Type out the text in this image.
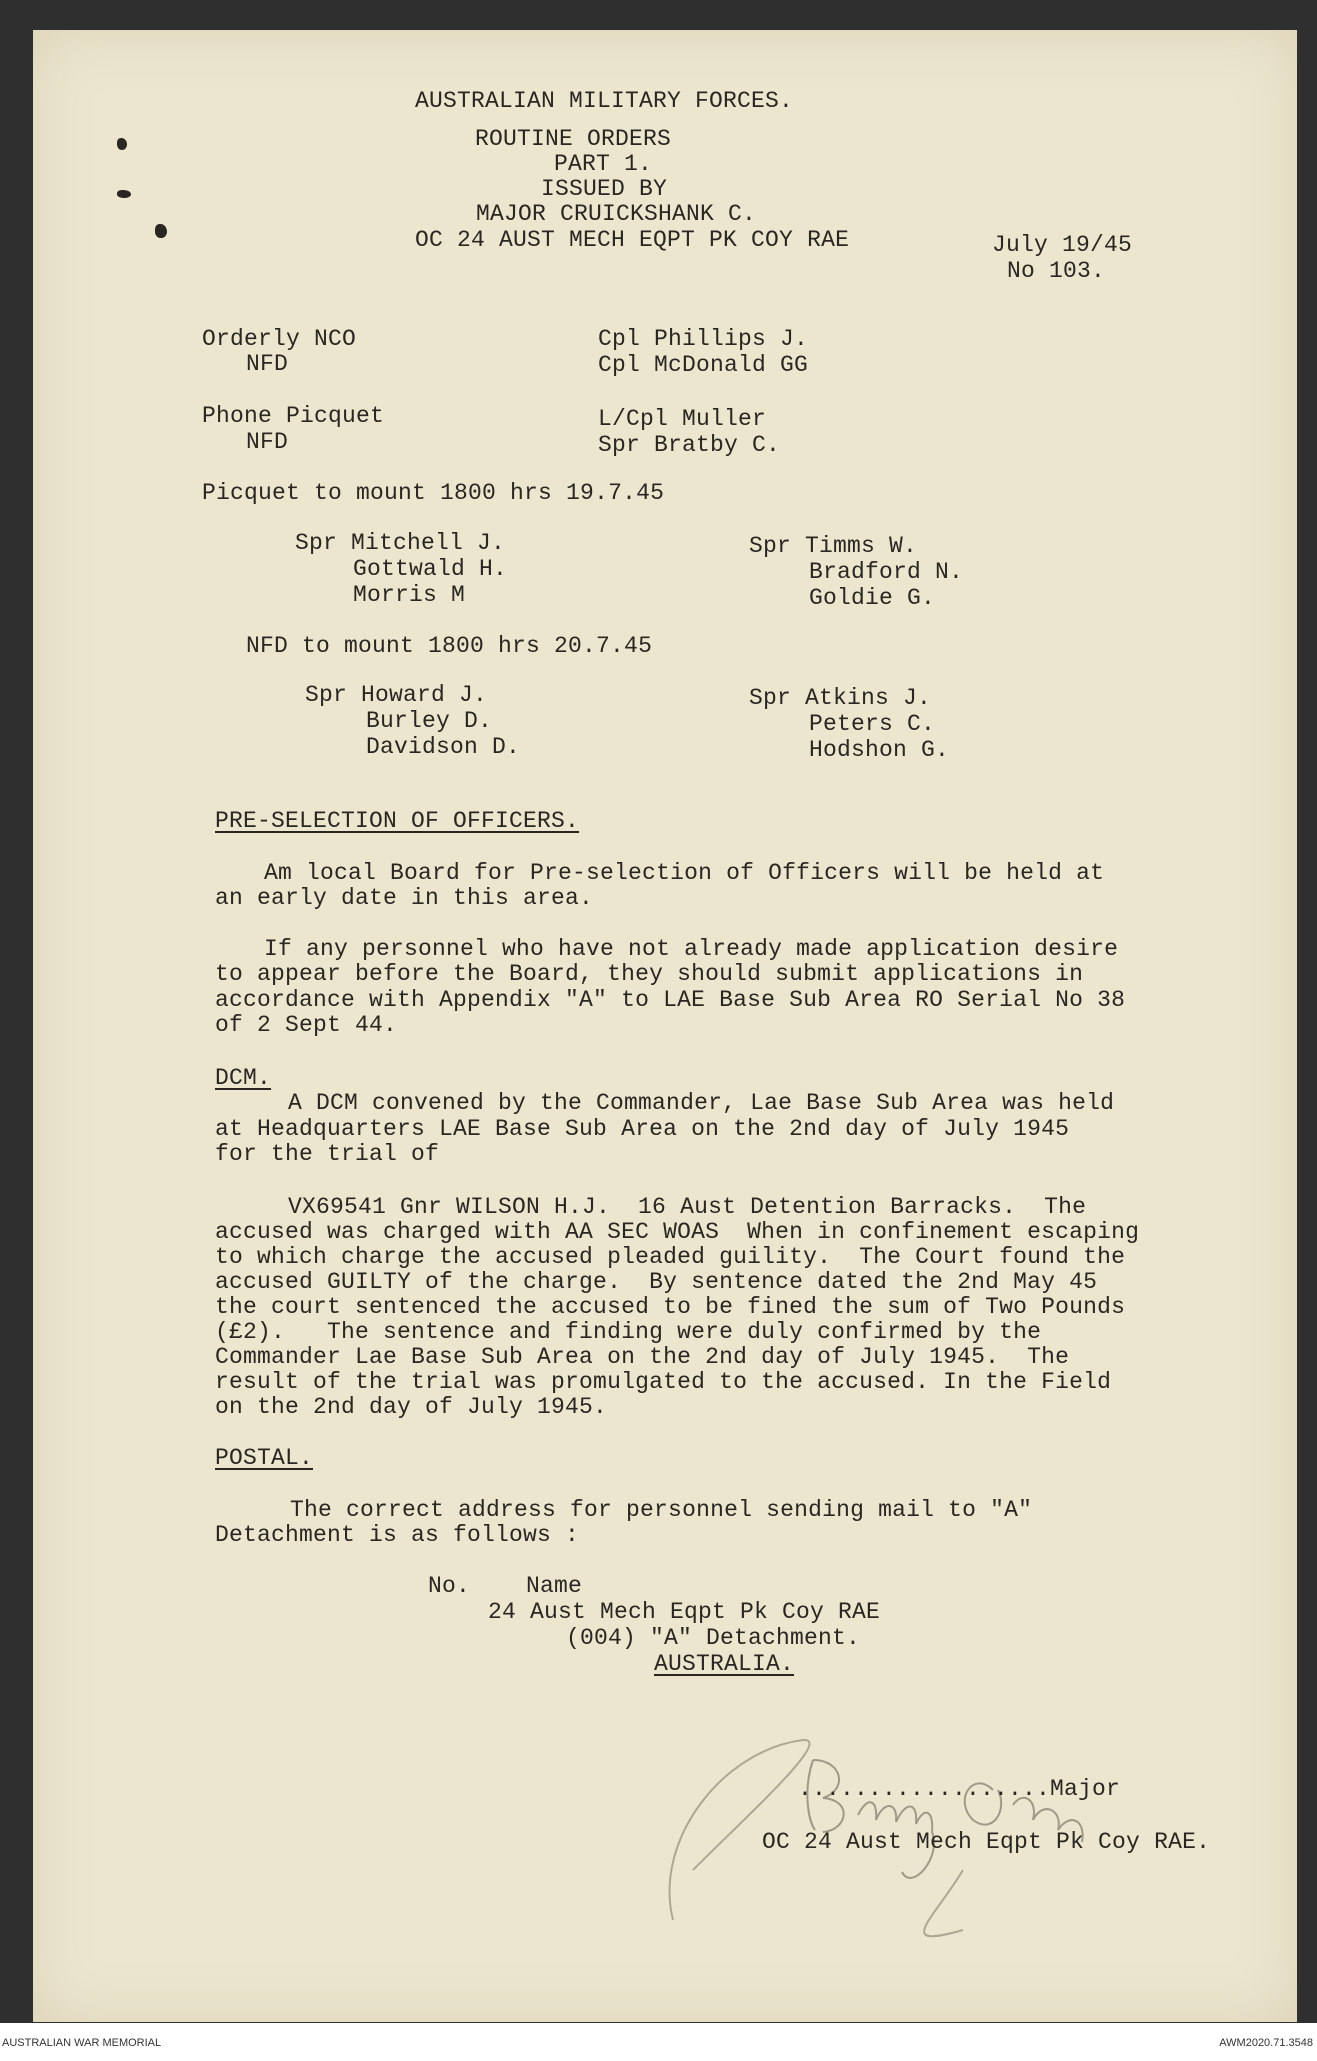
AUSTRALIAN MILITARY FORCES.
ROUTINE ORDERS
PART 1.
ISSUED BY
MAJOR CRUICKSHANK C.
OC 24 AUST MECH EQPT PK COY RAE	July 19/45
No 103.
Orderly NCO
NFD
Cpl Phillips J.
Cpl McDonald GG
Phone Picquet
NFD
L/Cpl Muller
Spr Bratby C.
Picquet to mount 1800 hrs 19.7.45
Spr Mitchell J.
Gottwald H.
Morris M
Spr Timms W.
Bradford N.
Goldie G.
NFD to mount 1800 hrs 20.7.45
Spr Howard J.
Burley D.
Davidson D.
Spr Atkins J.
Peters C.
Hodshon G.
PRE-SELECTION OF OFFICERS.
Am local Board for Pre-selection of Officers will be held at
an early date in this area.
If any personnel who have not already made application desire
to appear before the Board, they should submit applications in
accordance with Appendix "A" to LAE Base Sub Area RO Serial No 38
of 2 Sept 44.
DCM.
A DCM convened by the Commander, Lae Base Sub Area was held
at Headquarters LAE Base Sub Area on the 2nd day of July 1945
for the trial of
VX69541 Gnr WILSON H.J.  16 Aust Detention Barracks.  The
accused was charged with AA SEC WOAS  When in confinement escaping
to which charge the accused pleaded guility.  The Court found the
accused GUILTY of the charge.  By sentence dated the 2nd May 45
the court sentenced the accused to be fined the sum of Two Pounds
(£2).   The sentence and finding were duly confirmed by the
Commander Lae Base Sub Area on the 2nd day of July 1945.  The
result of the trial was promulgated to the accused. In the Field
on the 2nd day of July 1945.
POSTAL.
The correct address for personnel sending mail to "A"
Detachment is as follows :
No.    Name
24 Aust Mech Eqpt Pk Coy RAE
(004) "A" Detachment.
AUSTRALIA.
..................Major
OC 24 Aust Mech Eqpt Pk Coy RAE.
AUSTRALIAN WAR MEMORIAL	AWM2020.71.3548
